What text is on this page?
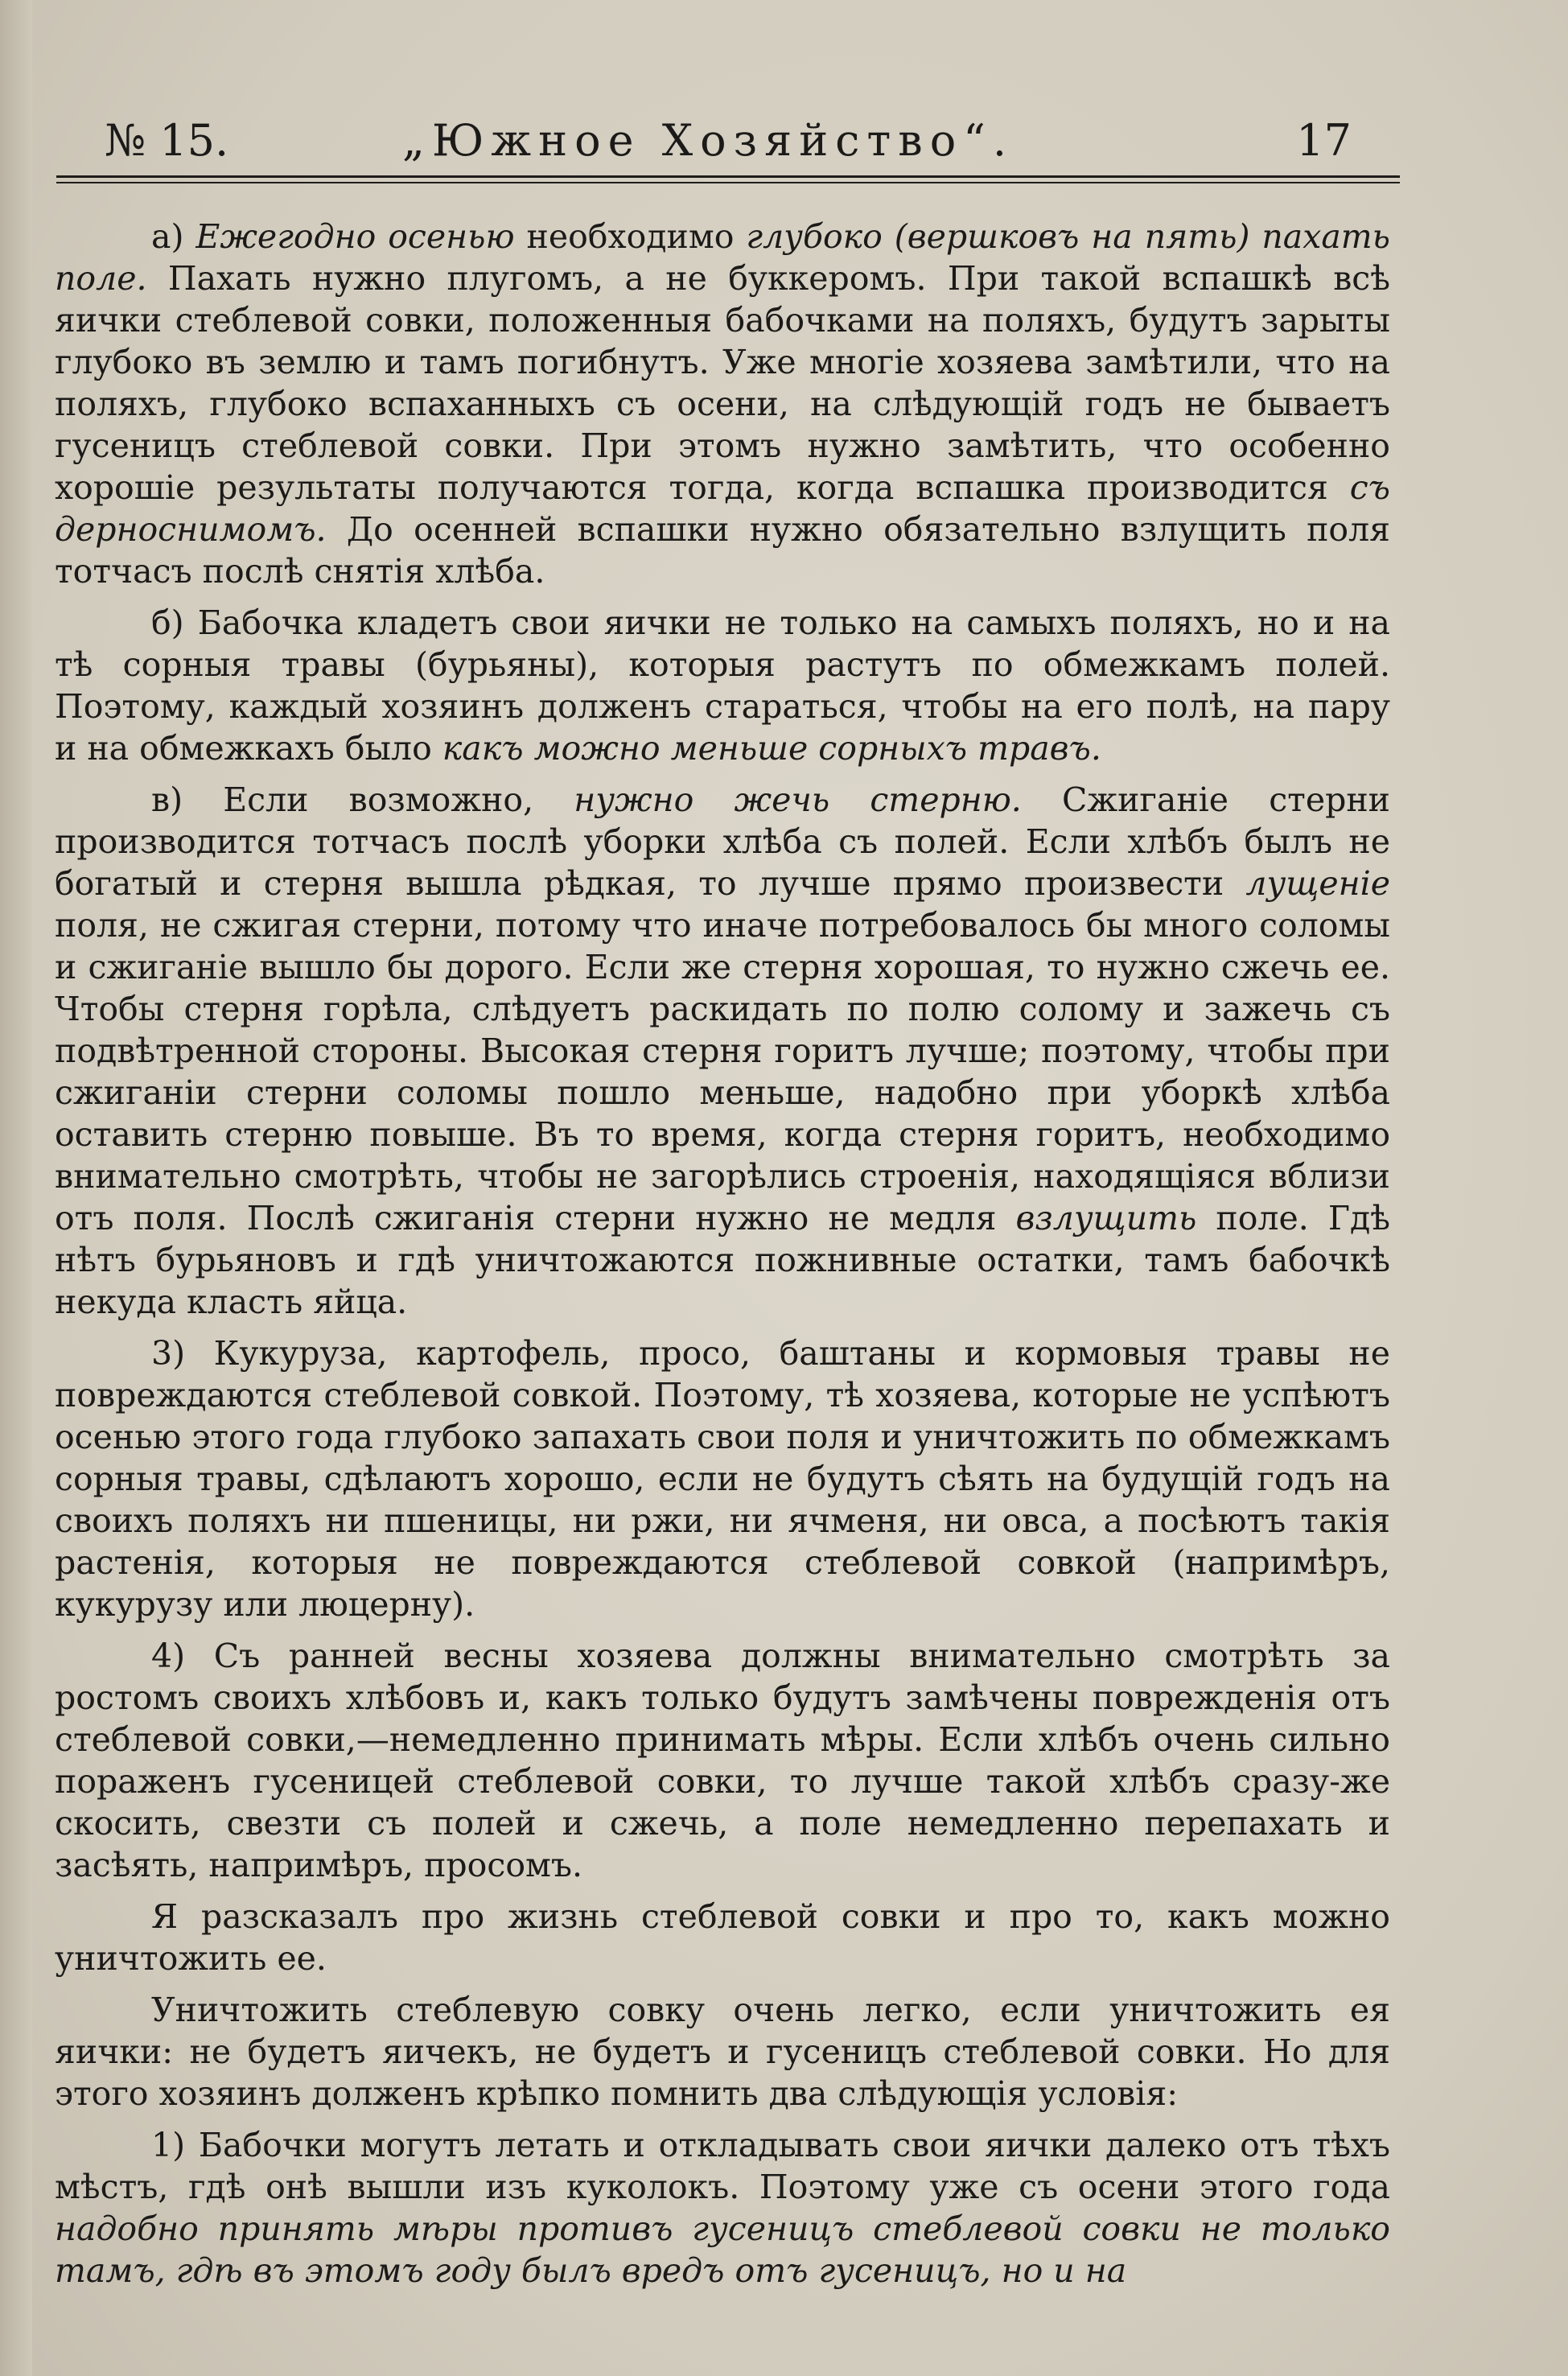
№ 15.	„Южное Хозяйство“.	17

а) Ежегодно осенью необходимо глубоко (вершковъ на пять) пахать поле. Пахать нужно плугомъ, а не буккеромъ. При такой вспашкѣ всѣ яички стеблевой совки, положенныя бабочками на поляхъ, будутъ зарыты глубоко въ землю и тамъ погибнутъ. Уже многіе хозяева замѣтили, что на поляхъ, глубоко вспаханныхъ съ осени, на слѣдующій годъ не бываетъ гусеницъ стеблевой совки. При этомъ нужно замѣтить, что особенно хорошіе результаты получаются тогда, когда вспашка производится съ дерноснимомъ. До осенней вспашки нужно обязательно взлущить поля тотчасъ послѣ снятія хлѣба.

б) Бабочка кладетъ свои яички не только на самыхъ поляхъ, но и на тѣ сорныя травы (бурьяны), которыя растутъ по обмежкамъ полей. Поэтому, каждый хозяинъ долженъ стараться, чтобы на его полѣ, на пару и на обмежкахъ было какъ можно меньше сорныхъ травъ.

в) Если возможно, нужно жечь стерню. Сжиганіе стерни производится тотчасъ послѣ уборки хлѣба съ полей. Если хлѣбъ былъ не богатый и стерня вышла рѣдкая, то лучше прямо произвести лущеніе поля, не сжигая стерни, потому что иначе потребовалось бы много соломы и сжиганіе вышло бы дорого. Если же стерня хорошая, то нужно сжечь ее. Чтобы стерня горѣла, слѣдуетъ раскидать по полю солому и зажечь съ подвѣтренной стороны. Высокая стерня горитъ лучше; поэтому, чтобы при сжиганіи стерни соломы пошло меньше, надобно при уборкѣ хлѣба оставить стерню повыше. Въ то время, когда стерня горитъ, необходимо внимательно смотрѣть, чтобы не загорѣлись строенія, находящіяся вблизи отъ поля. Послѣ сжиганія стерни нужно не медля взлущить поле. Гдѣ нѣтъ бурьяновъ и гдѣ уничтожаются пожнивные остатки, тамъ бабочкѣ некуда класть яйца.

3) Кукуруза, картофель, просо, баштаны и кормовыя травы не повреждаются стеблевой совкой. Поэтому, тѣ хозяева, которые не успѣютъ осенью этого года глубоко запахать свои поля и уничтожить по обмежкамъ сорныя травы, сдѣлаютъ хорошо, если не будутъ сѣять на будущій годъ на своихъ поляхъ ни пшеницы, ни ржи, ни ячменя, ни овса, а посѣютъ такія растенія, которыя не повреждаются стеблевой совкой (напримѣръ, кукурузу или люцерну).

4) Съ ранней весны хозяева должны внимательно смотрѣть за ростомъ своихъ хлѣбовъ и, какъ только будутъ замѣчены поврежденія отъ стеблевой совки,—немедленно принимать мѣры. Если хлѣбъ очень сильно пораженъ гусеницей стеблевой совки, то лучше такой хлѣбъ сразу-же скосить, свезти съ полей и сжечь, а поле немедленно перепахать и засѣять, напримѣръ, просомъ.

Я разсказалъ про жизнь стеблевой совки и про то, какъ можно уничтожить ее.

Уничтожить стеблевую совку очень легко, если уничтожить ея яички: не будетъ яичекъ, не будетъ и гусеницъ стеблевой совки. Но для этого хозяинъ долженъ крѣпко помнить два слѣдующія условія:

1) Бабочки могутъ летать и откладывать свои яички далеко отъ тѣхъ мѣстъ, гдѣ онѣ вышли изъ куколокъ. Поэтому уже съ осени этого года надобно принять мѣры противъ гусеницъ стеблевой совки не только тамъ, гдѣ въ этомъ году былъ вредъ отъ гусеницъ, но и на
